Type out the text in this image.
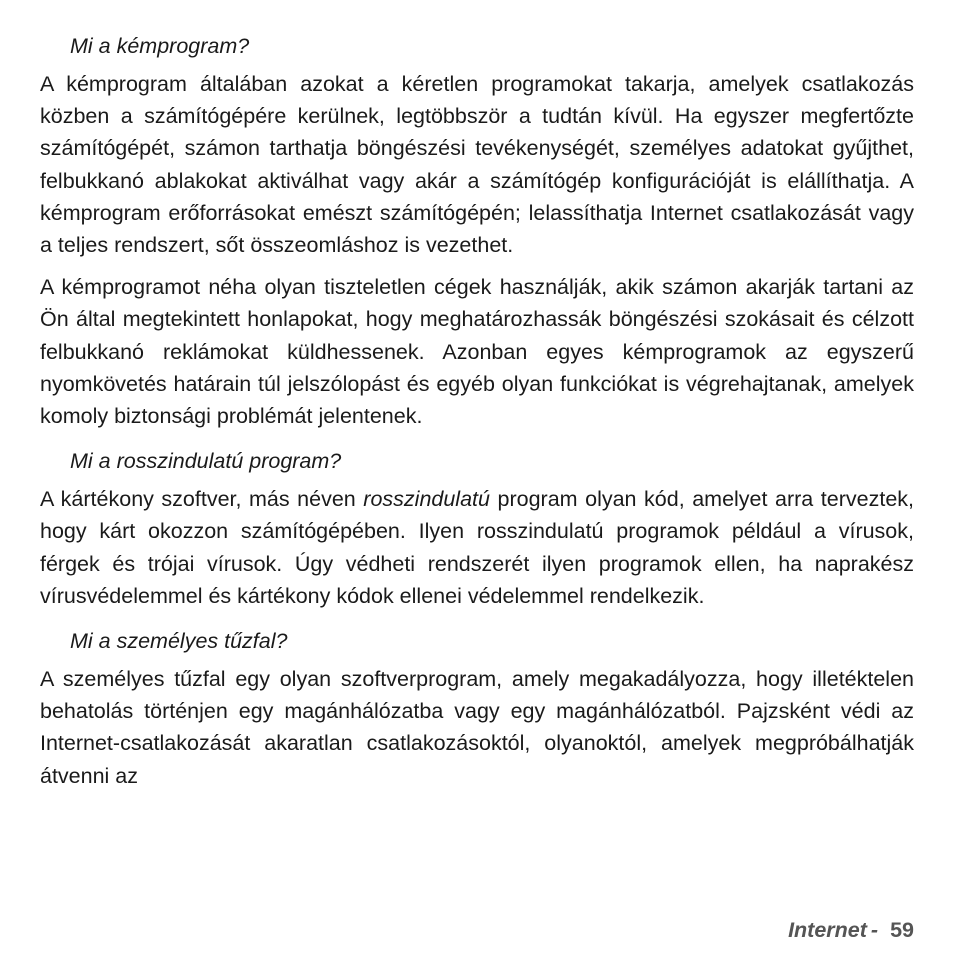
Mi a kémprogram?

A kémprogram általában azokat a kéretlen programokat takarja, amelyek csatlakozás közben a számítógépére kerülnek, legtöbbször a tudtán kívül. Ha egyszer megfertőzte számítógépét, számon tarthatja böngészési tevékenységét, személyes adatokat gyűjthet, felbukkanó ablakokat aktiválhat vagy akár a számítógép konfigurációját is elállíthatja. A kémprogram erőforrásokat emészt számítógépén; lelassíthatja Internet csatlakozását vagy a teljes rendszert, sőt összeomláshoz is vezethet.

A kémprogramot néha olyan tiszteletlen cégek használják, akik számon akarják tartani az Ön által megtekintett honlapokat, hogy meghatározhassák böngészési szokásait és célzott felbukkanó reklámokat küldhessenek. Azonban egyes kémprogramok az egyszerű nyomkövetés határain túl jelszólopást és egyéb olyan funkciókat is végrehajtanak, amelyek komoly biztonsági problémát jelentenek.

Mi a rosszindulatú program?

A kártékony szoftver, más néven rosszindulatú program olyan kód, amelyet arra terveztek, hogy kárt okozzon számítógépében. Ilyen rosszindulatú programok például a vírusok, férgek és trójai vírusok. Úgy védheti rendszerét ilyen programok ellen, ha naprakész vírusvédelemmel és kártékony kódok ellenei védelemmel rendelkezik.

Mi a személyes tűzfal?

A személyes tűzfal egy olyan szoftverprogram, amely megakadályozza, hogy illetéktelen behatolás történjen egy magánhálózatba vagy egy magánhálózatból. Pajzsként védi az Internet-csatlakozását akaratlan csatlakozásoktól, olyanoktól, amelyek megpróbálhatják átvenni az

Internet - 59
